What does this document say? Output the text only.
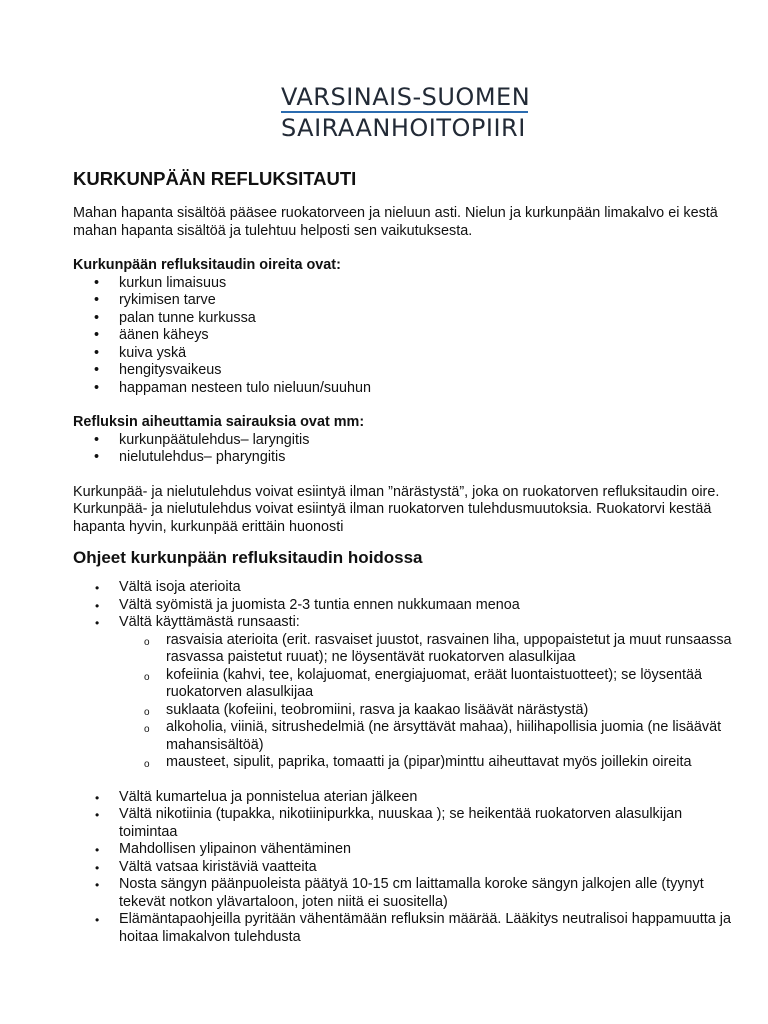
VARSINAIS-SUOMEN
SAIRAANHOITOPIIRI
KURKUNPÄÄN REFLUKSITAUTI

Mahan hapanta sisältöä pääsee ruokatorveen ja nieluun asti. Nielun ja kurkunpään limakalvo ei kestä mahan hapanta sisältöä ja tulehtuu helposti sen vaikutuksesta.

Kurkunpään refluksitaudin oireita ovat:

• kurkun limaisuus
• rykimisen tarve
• palan tunne kurkussa
• äänen käheys
• kuiva yskä
• hengitysvaikeus
• happaman nesteen tulo nieluun/suuhun

Refluksin aiheuttamia sairauksia ovat mm:

• kurkunpäätulehdus– laryngitis
• nielutulehdus– pharyngitis

Kurkunpää- ja nielutulehdus voivat esiintyä ilman ”närästystä”, joka on ruokatorven refluksitaudin oire. Kurkunpää- ja nielutulehdus voivat esiintyä ilman ruokatorven tulehdusmuutoksia. Ruokatorvi kestää hapanta hyvin, kurkunpää erittäin huonosti

Ohjeet kurkunpään refluksitaudin hoidossa
• Vältä isoja aterioita
• Vältä syömistä ja juomista 2-3 tuntia ennen nukkumaan menoa
• Vältä käyttämästä runsaasti:
o rasvaisia aterioita (erit. rasvaiset juustot, rasvainen liha, uppopaistetut ja muut runsaassa rasvassa paistetut ruuat); ne löysentävät ruokatorven alasulkijaa
o kofeiinia (kahvi, tee, kolajuomat, energiajuomat, eräät luontaistuotteet); se löysentää ruokatorven alasulkijaa
o suklaata (kofeiini, teobromiini, rasva ja kaakao lisäävät närästystä)
o alkoholia, viiniä, sitrushedelmiä (ne ärsyttävät mahaa), hiilihapollisia juomia (ne lisäävät mahansisältöä)
o mausteet, sipulit, paprika, tomaatti ja (pipar)minttu aiheuttavat myös joillekin oireita
• Vältä kumartelua ja ponnistelua aterian jälkeen
• Vältä nikotiinia (tupakka, nikotiinipurkka, nuuskaa ); se heikentää ruokatorven alasulkijan toimintaa
• Mahdollisen ylipainon vähentäminen
• Vältä vatsaa kiristäviä vaatteita
• Nosta sängyn päänpuoleista päätyä 10-15 cm laittamalla koroke sängyn jalkojen alle (tyynyt tekevät notkon ylävartaloon, joten niitä ei suositella)
• Elämäntapaohjeilla pyritään vähentämään refluksin määrää. Lääkitys neutralisoi happamuutta ja hoitaa limakalvon tulehdusta
